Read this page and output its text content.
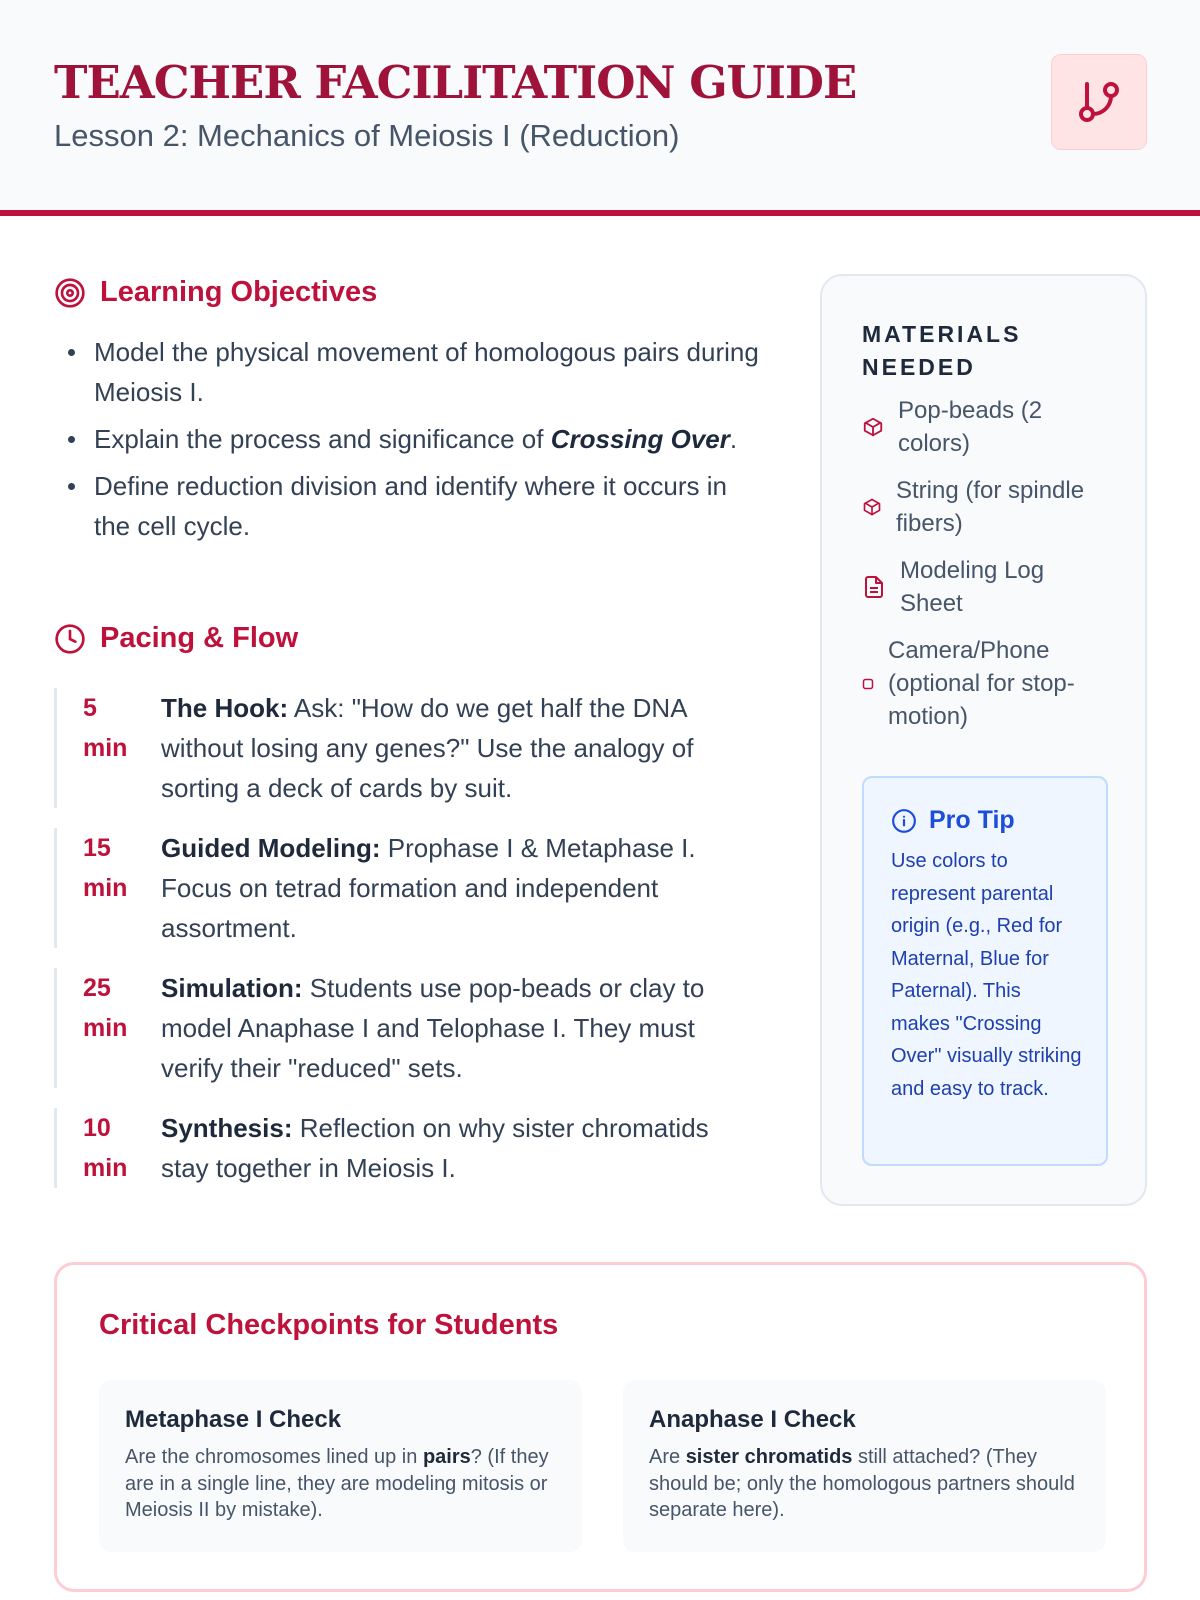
TEACHER FACILITATION GUIDE
Lesson 2: Mechanics of Meiosis I (Reduction)
Learning Objectives
Model the physical movement of homologous pairs during Meiosis I.
Explain the process and significance of Crossing Over.
Define reduction division and identify where it occurs in the cell cycle.
Pacing & Flow
5
min
The Hook: Ask: "How do we get half the DNA without losing any genes?" Use the analogy of sorting a deck of cards by suit.
15
min
Guided Modeling: Prophase I & Metaphase I. Focus on tetrad formation and independent assortment.
25
min
Simulation: Students use pop-beads or clay to model Anaphase I and Telophase I. They must verify their "reduced" sets.
10
min
Synthesis: Reflection on why sister chromatids stay together in Meiosis I.
MATERIALS NEEDED
Pop-beads (2 colors)
String (for spindle fibers)
Modeling Log Sheet
Camera/Phone (optional for stop-motion)
Pro Tip
Use colors to represent parental origin (e.g., Red for Maternal, Blue for Paternal). This makes "Crossing Over" visually striking and easy to track.
Critical Checkpoints for Students
Metaphase I Check

Are the chromosomes lined up in pairs? (If they are in a single line, they are modeling mitosis or Meiosis II by mistake).

Anaphase I Check

Are sister chromatids still attached? (They should be; only the homologous partners should separate here).
